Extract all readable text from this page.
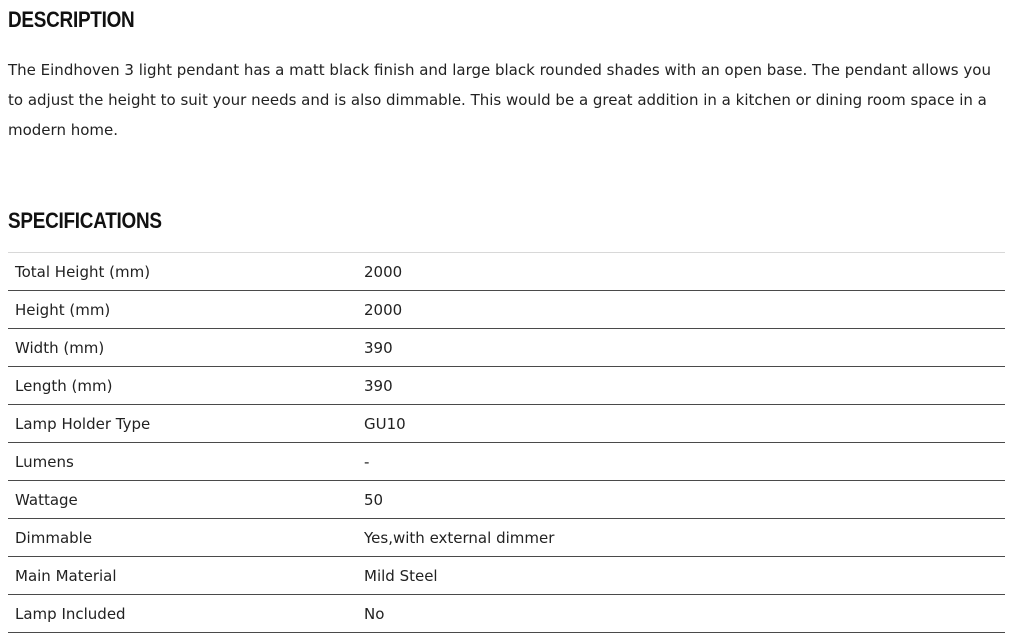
DESCRIPTION

The Eindhoven 3 light pendant has a matt black finish and large black rounded shades with an open base. The pendant allows you to adjust the height to suit your needs and is also dimmable. This would be a great addition in a kitchen or dining room space in a modern home.

SPECIFICATIONS
Total Height (mm)	2000
Height (mm)	2000
Width (mm)	390
Length (mm)	390
Lamp Holder Type	GU10
Lumens	-
Wattage	50
Dimmable	Yes,with external dimmer
Main Material	Mild Steel
Lamp Included	No
